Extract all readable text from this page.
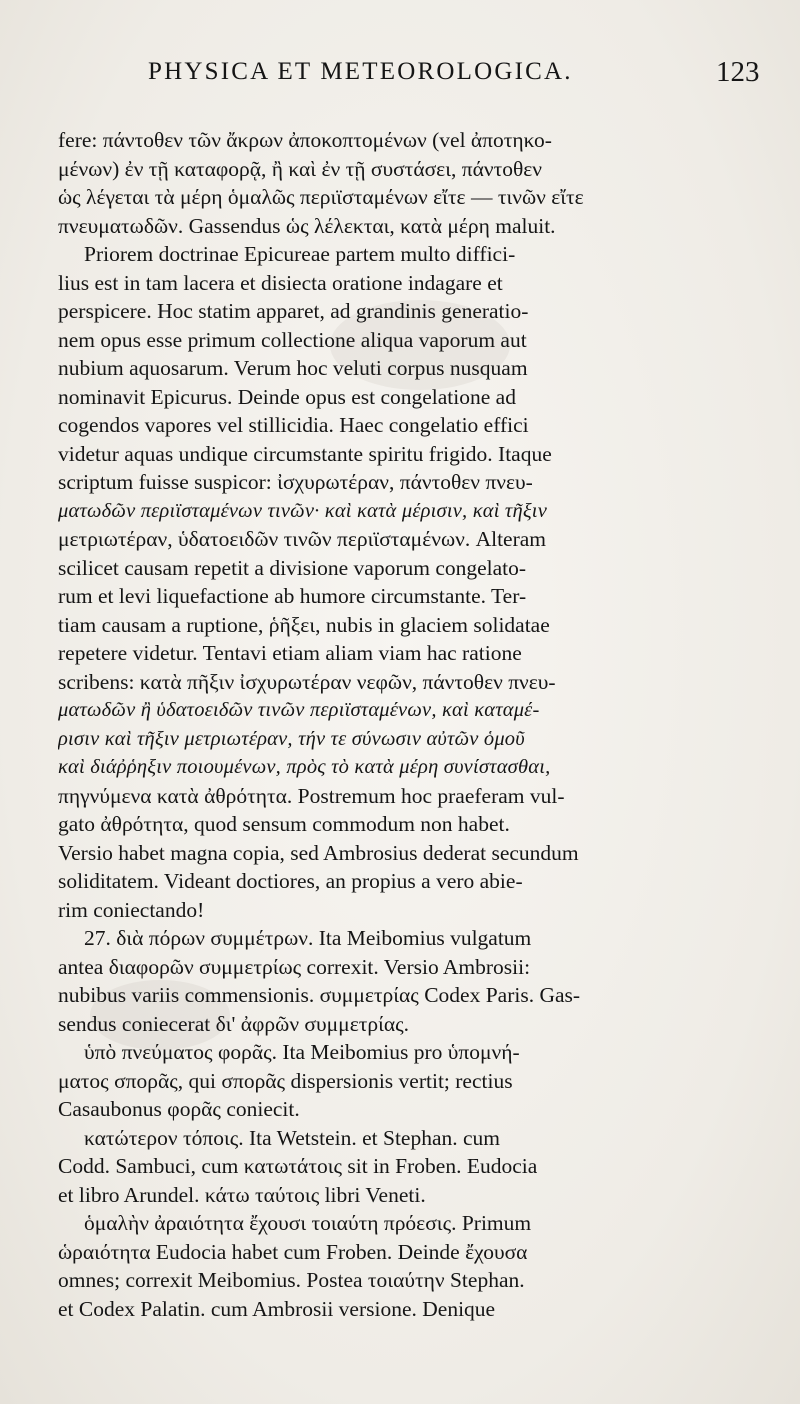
PHYSICA ET METEOROLOGICA.	123
fere: πάντοθεν τῶν ἄκρων ἀποκοπτομένων (vel ἀποτηκο-
μένων) ἐν τῇ καταφορᾷ, ἢ καὶ ἐν τῇ συστάσει, πάντοθεν
ὡς λέγεται τὰ μέρη ὁμαλῶς περιϊσταμένων εἴτε — τινῶν εἴτε
πνευματωδῶν. Gassendus ὡς λέλεκται, κατὰ μέρη maluit.
Priorem doctrinae Epicureae partem multo diffici-
lius est in tam lacera et disiecta oratione indagare et
perspicere. Hoc statim apparet, ad grandinis generatio-
nem opus esse primum collectione aliqua vaporum aut
nubium aquosarum. Verum hoc veluti corpus nusquam
nominavit Epicurus. Deinde opus est congelatione ad
cogendos vapores vel stillicidia. Haec congelatio effici
videtur aquas undique circumstante spiritu frigido. Itaque
scriptum fuisse suspicor: ἰσχυρωτέραν, πάντοθεν πνευ-
ματωδῶν περιϊσταμένων τινῶν· καὶ κατὰ μέρισιν, καὶ τῆξιν
μετριωτέραν, ὑδατοειδῶν τινῶν περιϊσταμένων. Alteram
scilicet causam repetit a divisione vaporum congelato-
rum et levi liquefactione ab humore circumstante. Ter-
tiam causam a ruptione, ῥῆξει, nubis in glaciem solidatae
repetere videtur. Tentavi etiam aliam viam hac ratione
scribens: κατὰ πῆξιν ἰσχυρωτέραν νεφῶν, πάντοθεν πνευ-
ματωδῶν ἢ ὑδατοειδῶν τινῶν περιϊσταμένων, καὶ καταμέ-
ρισιν καὶ τῆξιν μετριωτέραν, τήν τε σύνωσιν αὐτῶν ὁμοῦ
καὶ διάῤῥηξιν ποιουμένων, πρὸς τὸ κατὰ μέρη συνίστασθαι,
πηγνύμενα κατὰ ἀθρότητα. Postremum hoc praeferam vul-
gato ἀθρότητα, quod sensum commodum non habet.
Versio habet magna copia, sed Ambrosius dederat secundum
soliditatem. Videant doctiores, an propius a vero abie-
rim coniectando!
27. διὰ πόρων συμμέτρων. Ita Meibomius vulgatum
antea διαφορῶν συμμετρίως correxit. Versio Ambrosii:
nubibus variis commensionis. συμμετρίας Codex Paris. Gas-
sendus coniecerat δι' ἀφρῶν συμμετρίας.
ὑπὸ πνεύματος φορᾶς. Ita Meibomius pro ὑπομνή-
ματος σπορᾶς, qui σπορᾶς dispersionis vertit; rectius
Casaubonus φορᾶς coniecit.
κατώτερον τόποις. Ita Wetstein. et Stephan. cum
Codd. Sambuci, cum κατωτάτοις sit in Froben. Eudocia
et libro Arundel. κάτω ταύτοις libri Veneti.
ὁμαλὴν ἀραιότητα ἔχουσι τοιαύτη πρόεσις. Primum
ὡραιότητα Eudocia habet cum Froben. Deinde ἔχουσα
omnes; correxit Meibomius. Postea τοιαύτην Stephan.
et Codex Palatin. cum Ambrosii versione. Denique
